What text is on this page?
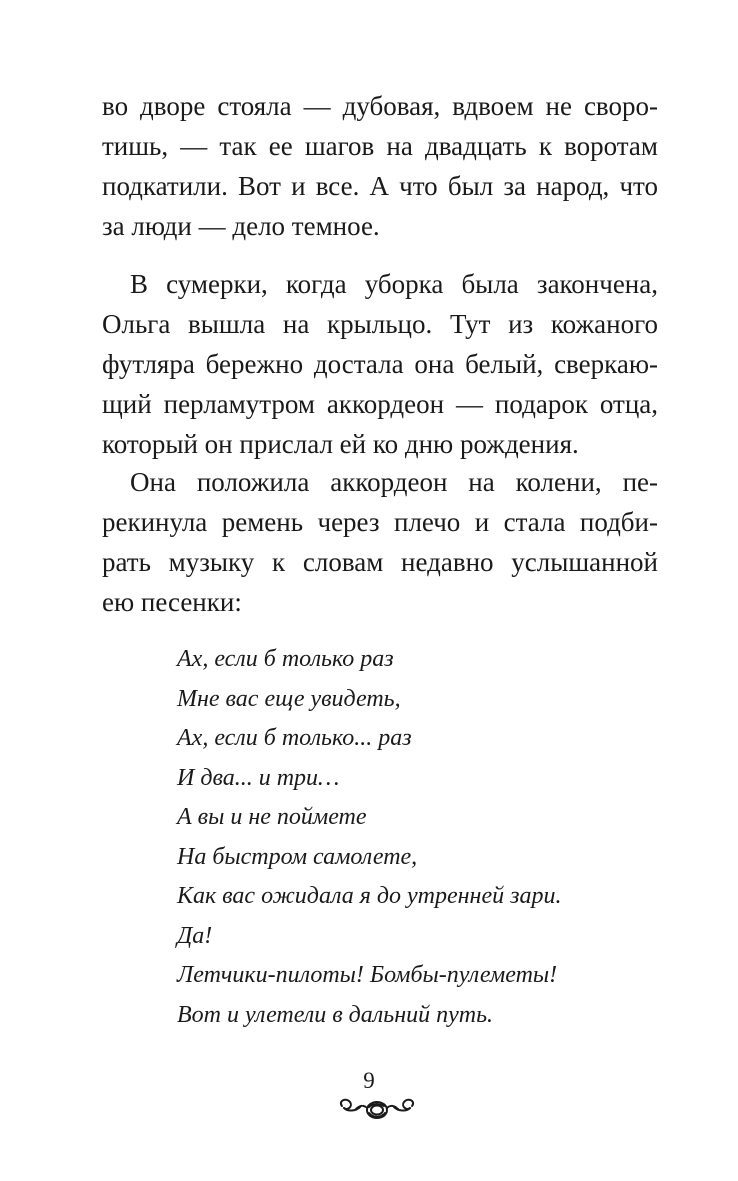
во дворе стояла — дубовая, вдвоем не своро-
тишь, — так ее шагов на двадцать к воротам
подкатили. Вот и все. А что был за народ, что
за люди — дело темное.
В сумерки, когда уборка была закончена,
Ольга вышла на крыльцо. Тут из кожаного
футляра бережно достала она белый, сверкаю-
щий перламутром аккордеон — подарок отца,
который он прислал ей ко дню рождения.
Она положила аккордеон на колени, пе-
рекинула ремень через плечо и стала подби-
рать музыку к словам недавно услышанной
ею песенки:
Ах, если б только раз
Мне вас еще увидеть,
Ах, если б только... раз
И два... и три…
А вы и не поймете
На быстром самолете,
Как вас ожидала я до утренней зари.
Да!
Летчики-пилоты! Бомбы-пулеметы!
Вот и улетели в дальний путь.
9
